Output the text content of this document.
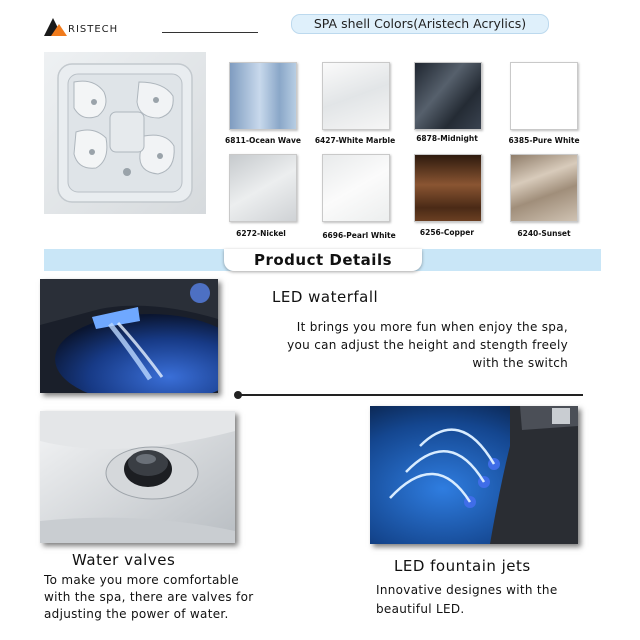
RISTECH	SPA shell Colors(Aristech Acrylics)
6811-Ocean Wave	6427-White Marble	6878-Midnight	6385-Pure White
6272-Nickel	6696-Pearl White	6256-Copper	6240-Sunset
Product Details
LED waterfall
It brings you more fun when enjoy the spa,
you can adjust the height and stength freely
with the switch
Water valves
To make you more comfortable
with the spa, there are valves for
adjusting the power of water.
LED fountain jets
Innovative designes with the
beautiful LED.
